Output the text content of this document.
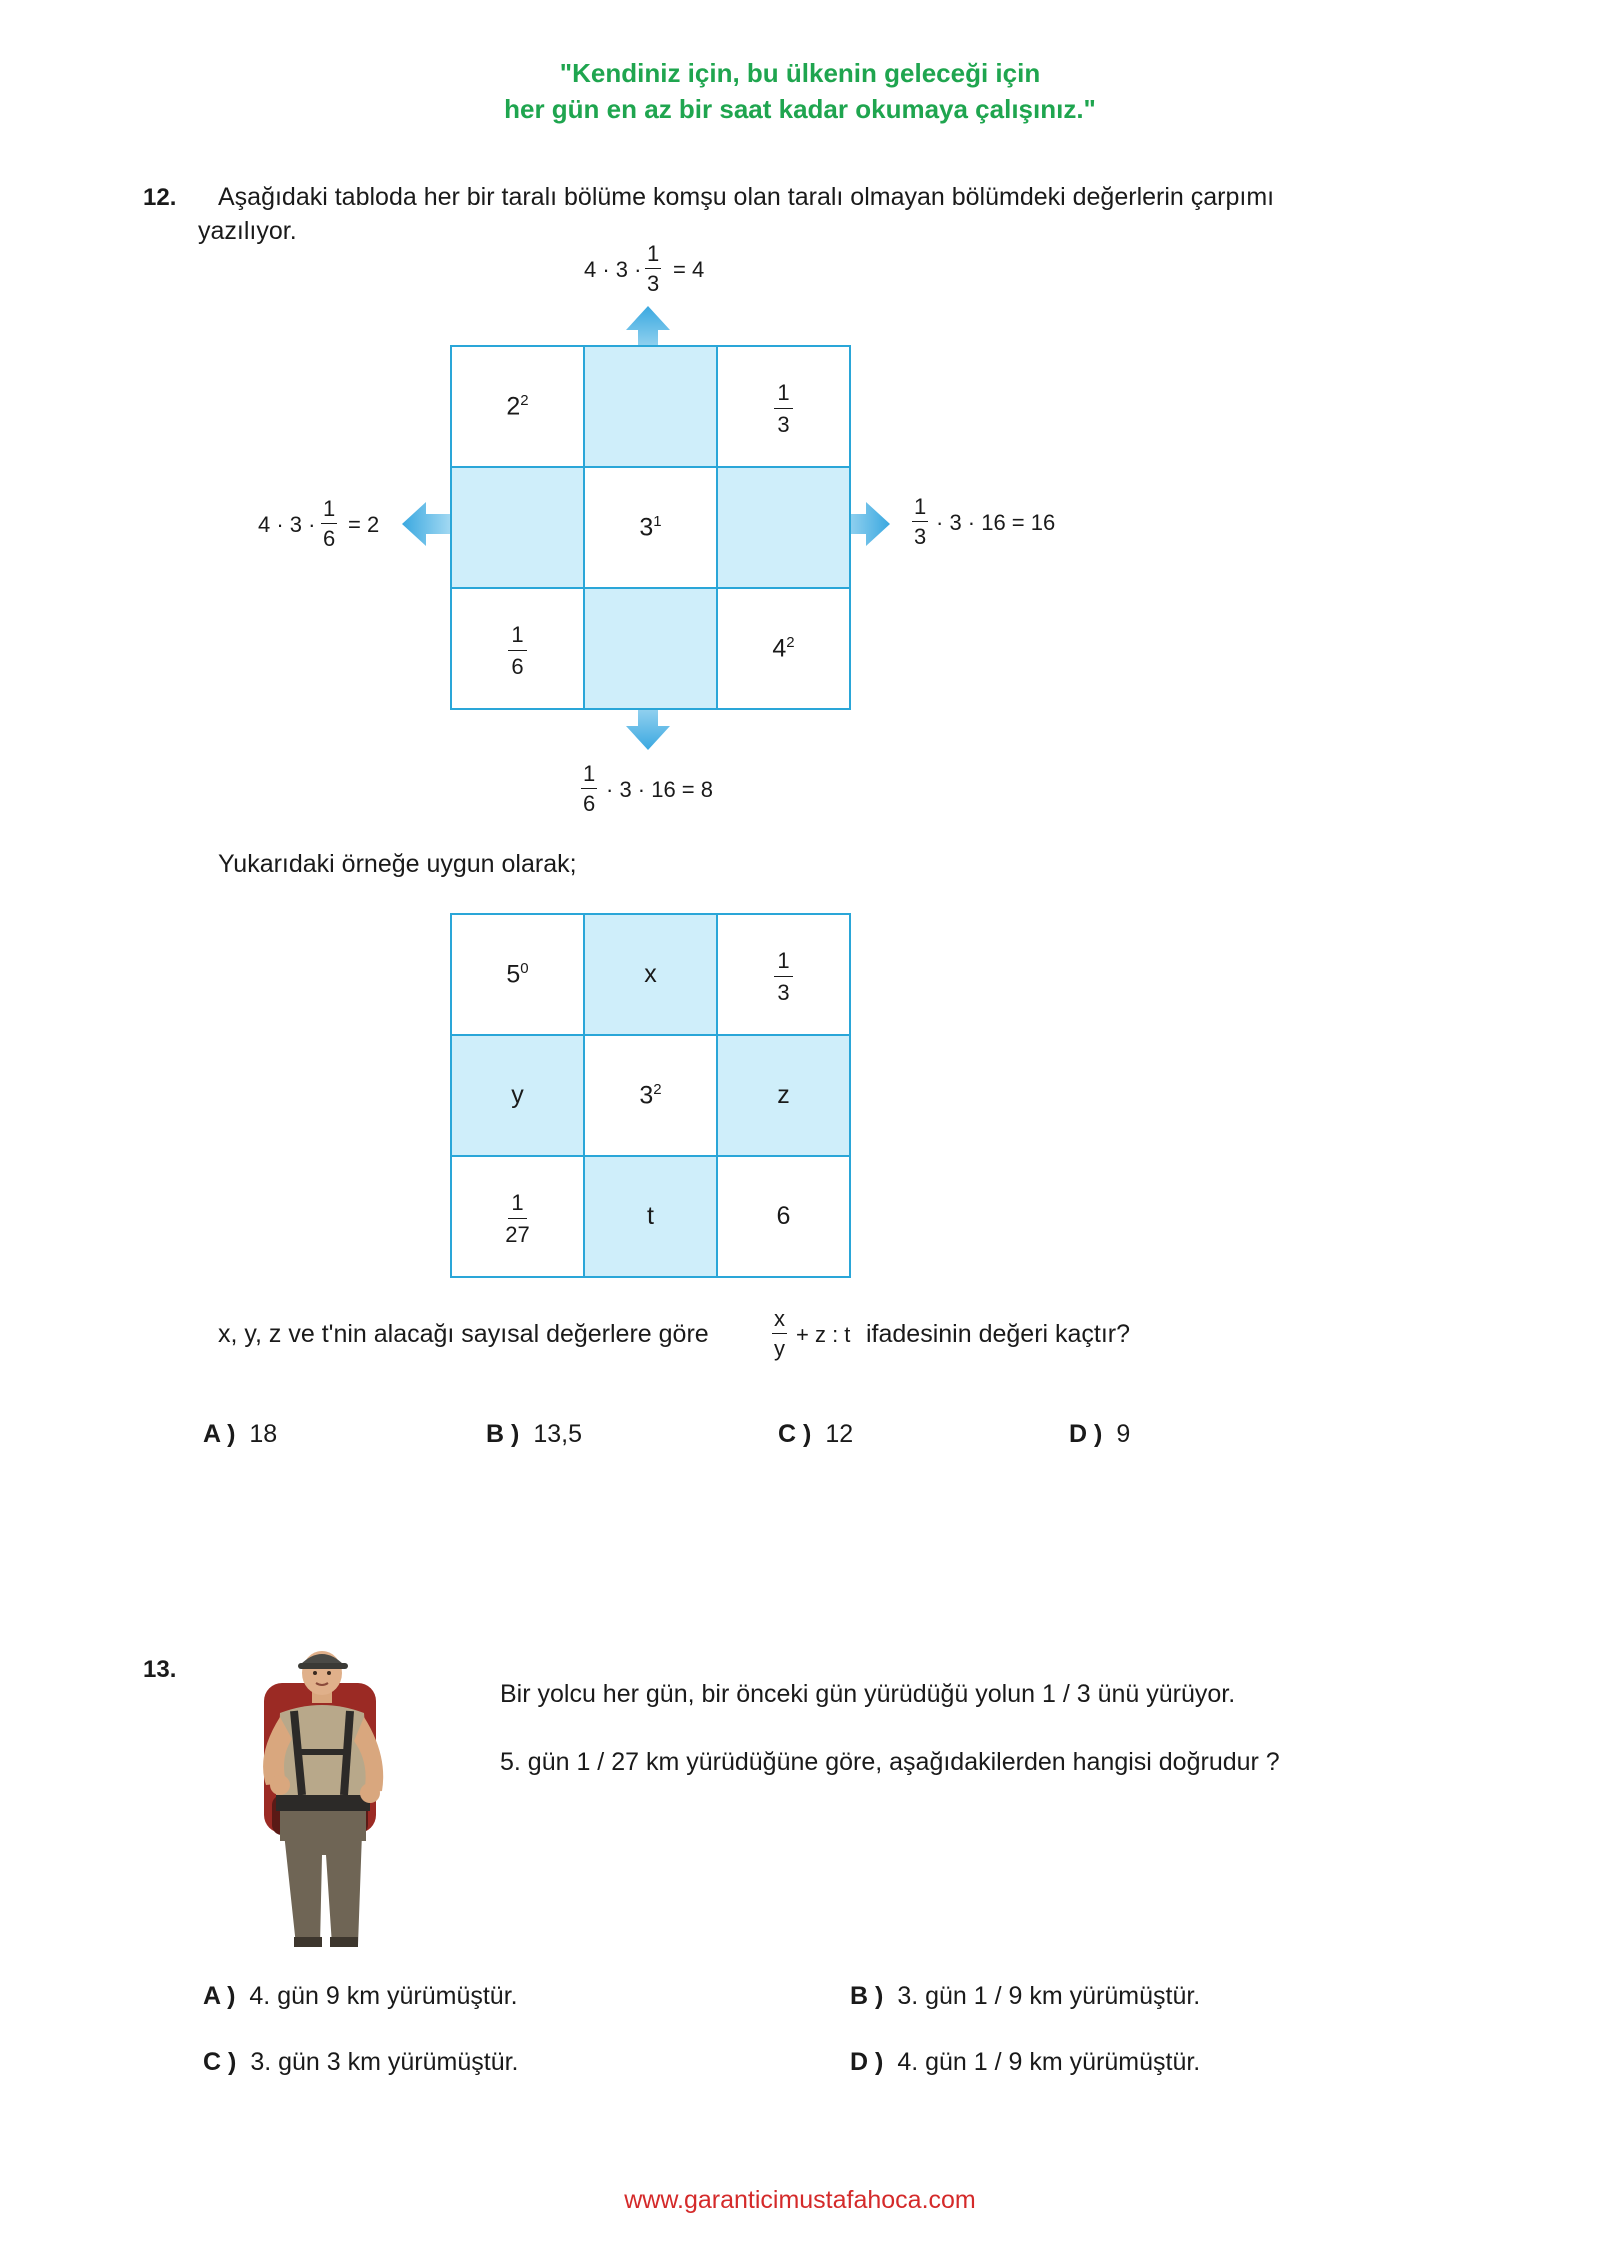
"Kendiniz için, bu ülkenin geleceği için
her gün en az bir saat kadar okumaya çalışınız."
12. Aşağıdaki tabloda her bir taralı bölüme komşu olan taralı olmayan bölümdeki değerlerin çarpımı
yazılıyor.
$4 \cdot 3 \cdot \frac{1}{3} = 4$
$4 \cdot 3 \cdot \frac{1}{6} = 2$	$\frac{1}{3} \cdot 3 \cdot 16 = 16$
$\frac{1}{6} \cdot 3 \cdot 16 = 8$
$2^2$		$\frac{1}{3}$

	$3^1$	

$\frac{1}{6}$		$4^2$
Yukarıdaki örneğe uygun olarak;
$5^0$	x	$\frac{1}{3}$

y	$3^2$	z

$\frac{1}{27}$	t	6
x, y, z ve t'nin alacağı sayısal değerlere göre	$\frac{x}{y} + z$ : t ifadesinin değeri kaçtır?
A ) 18	B ) 13,5	C ) 12	D ) 9
13.
Bir yolcu her gün, bir önceki gün yürüdüğü yolun 1 / 3 ünü yürüyor.
5. gün 1 / 27 km yürüdüğüne göre, aşağıdakilerden hangisi doğrudur ?
A ) 4. gün 9 km yürümüştür.	B ) 3. gün 1 / 9 km yürümüştür.
C ) 3. gün 3 km yürümüştür.	D ) 4. gün 1 / 9 km yürümüştür.
www.garanticimustafahoca.com
